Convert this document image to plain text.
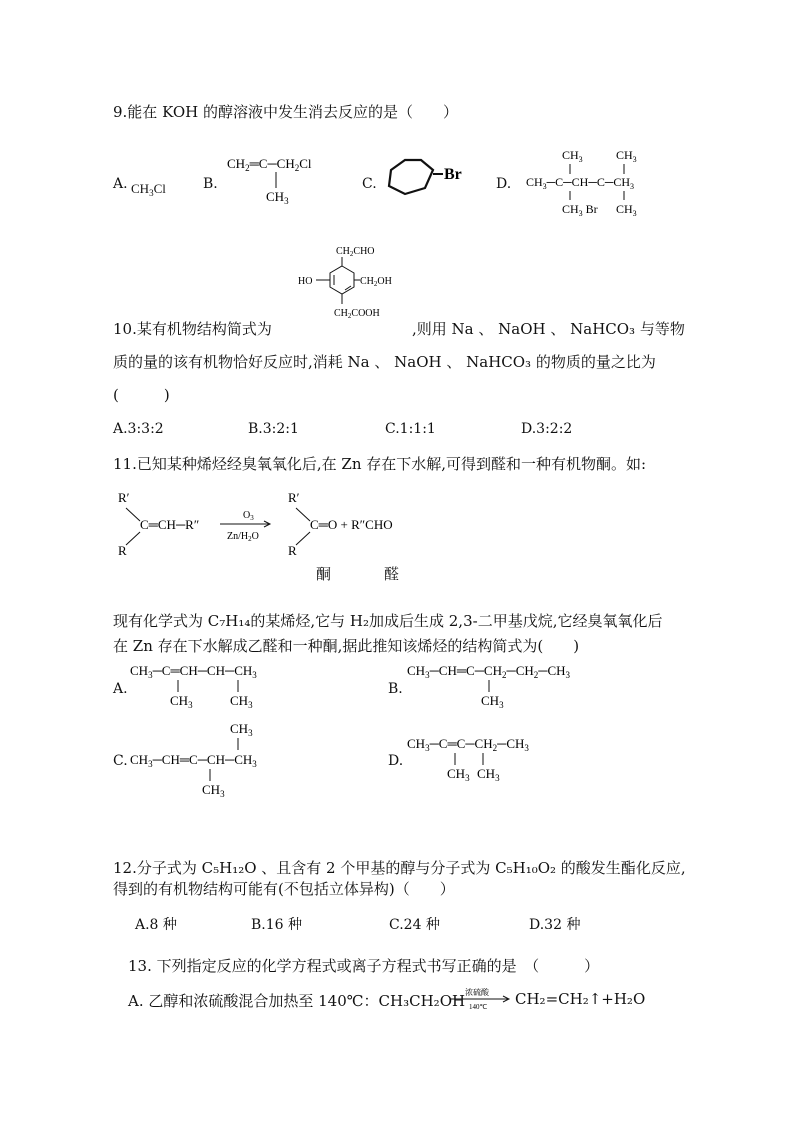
9.能在 KOH 的醇溶液中发生消去反应的是（　　）
A. $CH_3Cl$	B.
$CH_2═C─CH_2Cl$
$CH_3$
C.
Br
D.
$CH_3$	$CH_3$
$CH_3─C─CH─C─CH_3$
$CH_3$ Br $CH_3$
$CH_2CHO$
HO	$CH_2OH$
$CH_2COOH$
10.某有机物结构简式为	,则用 Na 、 NaOH 、 NaHCO₃ 与等物
质的量的该有机物恰好反应时,消耗 Na 、 NaOH 、 NaHCO₃ 的物质的量之比为
(　　　)
A.3:3:2	B.3:2:1	C.1:1:1	D.3:2:2
11.已知某种烯烃经臭氧氧化后,在 Zn 存在下水解,可得到醛和一种有机物酮。如:
R′
C═CH─R″
R
$O_3$
$Zn/H_2O$
R′
C═O + R″CHO
R
酮	醛
现有化学式为 C₇H₁₄的某烯烃,它与 H₂加成后生成 2,3-二甲基戊烷,它经臭氧氧化后
在 Zn 存在下水解成乙醛和一种酮,据此推知该烯烃的结构简式为(　　)
A.
$CH_3─C═CH─CH─CH_3$
$CH_3$	$CH_3$
B.
$CH_3─CH═C─CH_2─CH_2─CH_3$
$CH_3$
C.
$CH_3$
$CH_3─CH═C─CH─CH_3$
$CH_3$
D.
$CH_3─C═C─CH_2─CH_3$
$CH_3$ $CH_3$
12.分子式为 C₅H₁₂O 、且含有 2 个甲基的醇与分子式为 C₅H₁₀O₂ 的酸发生酯化反应,
得到的有机物结构可能有(不包括立体异构)（　　）
A.8 种	B.16 种	C.24 种	D.32 种
13. 下列指定反应的化学方程式或离子方程式书写正确的是　（　　　）
A. 乙醇和浓硫酸混合加热至 140℃：CH₃CH₂OH 浓硫酸
140℃ CH₂=CH₂↑+H₂O
